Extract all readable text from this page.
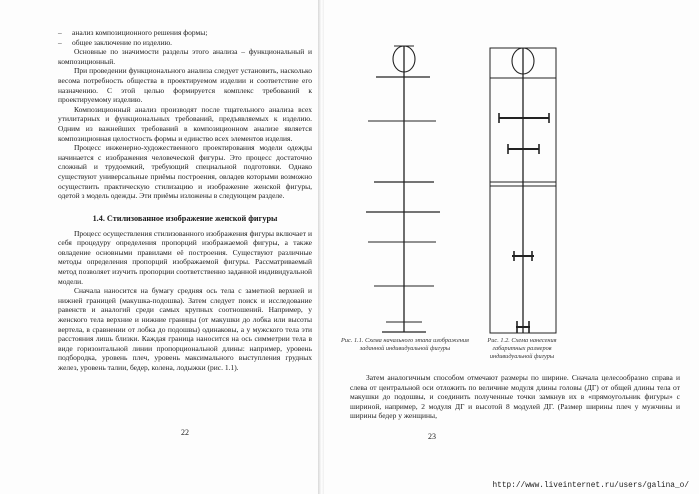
–	анализ композиционного решения формы;
–	общее заключение по изделию.

Основные по значимости разделы этого анализа – функциональный и композиционный.

При проведении функционального анализа следует установить, насколько весома потребность общества в проектируемом изделии и соответствие его назначению. С этой целью формируется комплекс требований к проектируемому изделию.

Композиционный анализ производят после тщательного анализа всех утилитарных и функциональных требований, предъявляемых к изделию. Одним из важнейших требований в композиционном анализе является композиционная целостность формы и единство всех элементов изделия.

Процесс инженерно-художественного проектирования модели одежды начинается с изображения человеческой фигуры. Это процесс достаточно сложный и трудоемкий, требующий специальной подготовки. Однако существуют универсальные приёмы построения, овладев которыми возможно осуществить практическую стилизацию и изображение женской фигуры, одетой з модель одежды. Эти приёмы изложены в следующем разделе.

1.4. Стилизованное изображение женской фигуры

Процесс осуществления стилизованного изображения фигуры включает и себя процедуру определения пропорций изображаемой фигуры, а также овладение основными правилами её построения. Существуют различные методы определения пропорций изображаемой фигуры. Рассматриваемый метод позволяет изучить пропорции соответственно заданной индивидуальной модели.

Сначала наносится на бумагу средняя ось тела с заметной верхней и нижней границей (макушка-подошва). Затем следует поиск и исследование равенств и аналогий среди самых крупных соотношений. Например, у женского тела верхние и нижние границы (от макушки до лобка или высоты вертела, в сравнении от лобка до подошвы) одинаковы, а у мужского тела эти расстояния лишь близки. Каждая граница наносится на ось симметрии тела в виде горизонтальной линии пропорциональной длины: например, уровень подбородка, уровень плеч, уровень максимального выступления грудных желез, уровень талии, бедер, колена, лодыжки (рис. 1.1).

22
Рис. 1.1. Схема начального этапа изображения заданной индивидуальной фигуры
Рис. 1.2. Схема нанесения габаритных размеров индивидуальной фигуры

Затем аналогичным способом отмечают размеры по ширине. Сначала целесообразно справа и слева от центральной оси отложить по величине модуля длины головы (ДГ) от общей длины тела от макушки до подошвы, и соединить полученные точки замкнув их в «прямоугольник фигуры» с шириной, например, 2 модуля ДГ и высотой 8 модулей ДГ. (Размер ширины плеч у мужчины и ширины бедер у женщины,

23
http://www.liveinternet.ru/users/galina_o/
